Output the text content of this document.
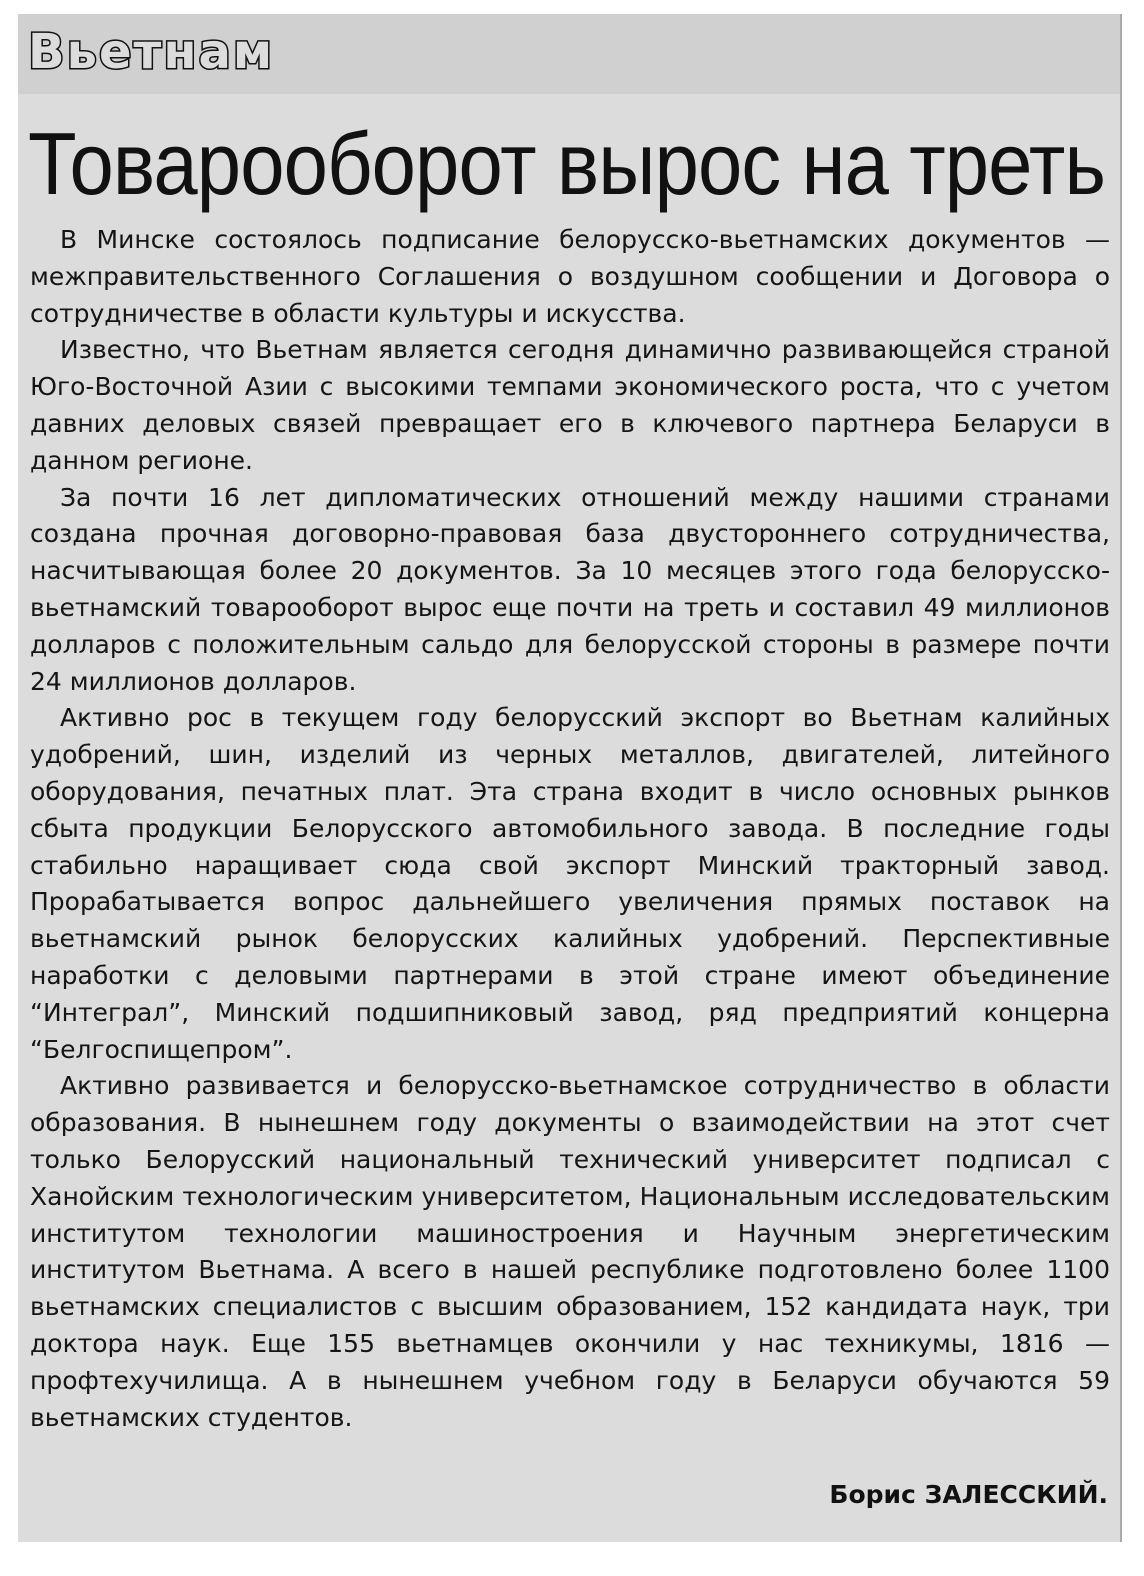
Вьетнам
Товарооборот вырос на треть

В Минске состоялось подписание белорусско-вьетнамских документов — межправительственного Соглашения о воздушном сообщении и Договора о сотрудничестве в области культуры и искусства.

Известно, что Вьетнам является сегодня динамично развивающейся страной Юго-Восточной Азии с высокими темпами экономического роста, что с учетом давних деловых связей превращает его в ключевого партнера Беларуси в данном регионе.

За почти 16 лет дипломатических отношений между нашими странами создана прочная договорно-правовая база двустороннего сотрудничества, насчитывающая более 20 документов. За 10 месяцев этого года белорусско-вьетнамский товарооборот вырос еще почти на треть и составил 49 миллионов долларов с положительным сальдо для белорусской стороны в размере почти 24 миллионов долларов.

Активно рос в текущем году белорусский экспорт во Вьетнам калийных удобрений, шин, изделий из черных металлов, двигателей, литейного оборудования, печатных плат. Эта страна входит в число основных рынков сбыта продукции Белорусского автомобильного завода. В последние годы стабильно наращивает сюда свой экспорт Минский тракторный завод. Прорабатывается вопрос дальнейшего увеличения прямых поставок на вьетнамский рынок белорусских калийных удобрений. Перспективные наработки с деловыми партнерами в этой стране имеют объединение “Интеграл”, Минский подшипниковый завод, ряд предприятий концерна “Белгоспищепром”.

Активно развивается и белорусско-вьетнамское сотрудничество в области образования. В нынешнем году документы о взаимодействии на этот счет только Белорусский национальный технический университет подписал с Ханойским технологическим университетом, Национальным исследовательским институтом технологии машиностроения и Научным энергетическим институтом Вьетнама. А всего в нашей республике подготовлено более 1100 вьетнамских специалистов с высшим образованием, 152 кандидата наук, три доктора наук. Еще 155 вьетнамцев окончили у нас техникумы, 1816 — профтехучилища. А в нынешнем учебном году в Беларуси обучаются 59 вьетнамских студентов.

Борис ЗАЛЕССКИЙ.
